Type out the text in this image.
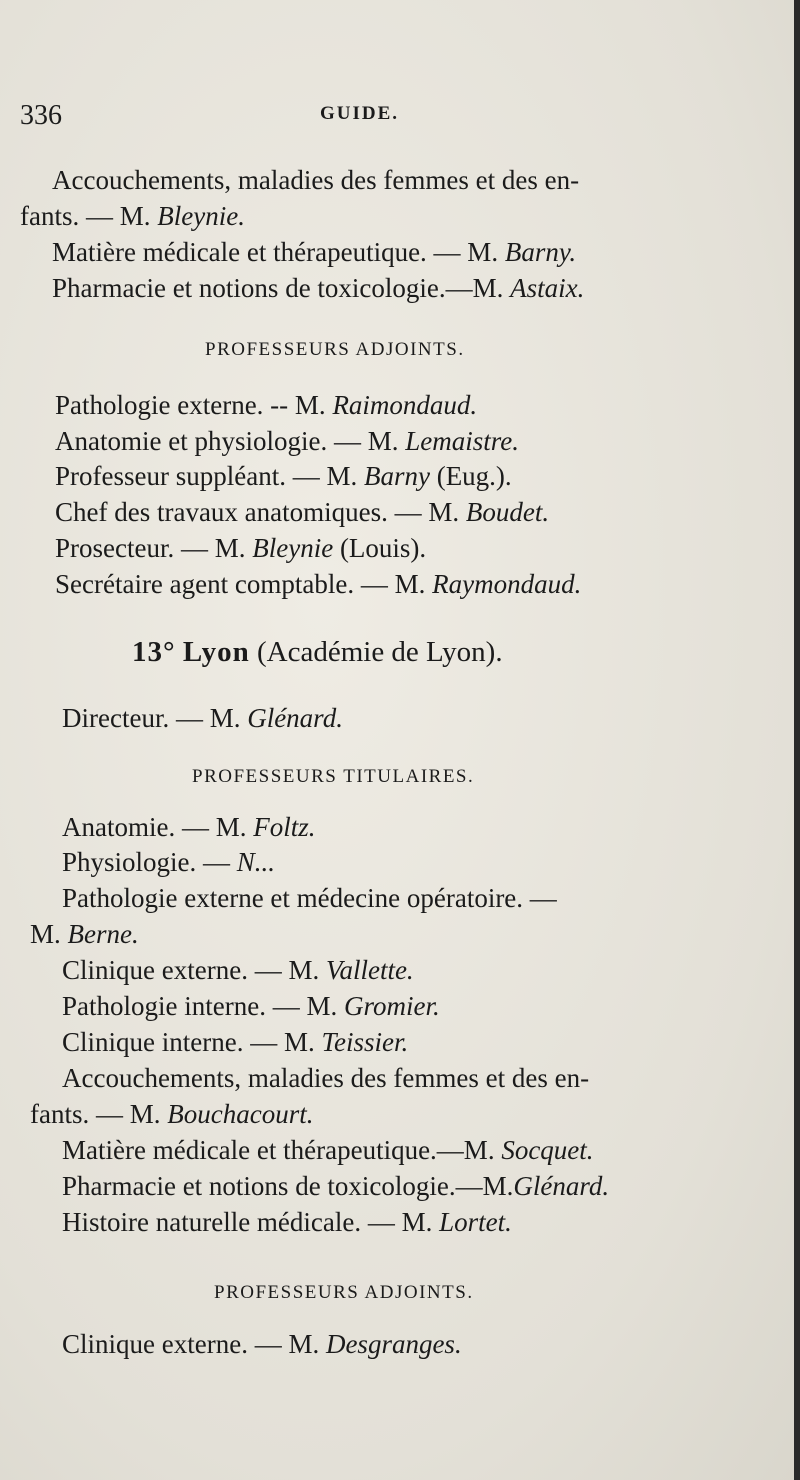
336	GUIDE.
Accouchements, maladies des femmes et des en-
fants. — M. Bleynie.
Matière médicale et thérapeutique. — M. Barny.
Pharmacie et notions de toxicologie.—M. Astaix.
PROFESSEURS ADJOINTS.
Pathologie externe. -- M. Raimondaud.
Anatomie et physiologie. — M. Lemaistre.
Professeur suppléant. — M. Barny (Eug.).
Chef des travaux anatomiques. — M. Boudet.
Prosecteur. — M. Bleynie (Louis).
Secrétaire agent comptable. — M. Raymondaud.
13° Lyon (Académie de Lyon).
Directeur. — M. Glénard.
PROFESSEURS TITULAIRES.
Anatomie. — M. Foltz.
Physiologie. — N...
Pathologie externe et médecine opératoire. —
M. Berne.
Clinique externe. — M. Vallette.
Pathologie interne. — M. Gromier.
Clinique interne. — M. Teissier.
Accouchements, maladies des femmes et des en-
fants. — M. Bouchacourt.
Matière médicale et thérapeutique.—M. Socquet.
Pharmacie et notions de toxicologie.—M.Glénard.
Histoire naturelle médicale. — M. Lortet.
PROFESSEURS ADJOINTS.
Clinique externe. — M. Desgranges.
